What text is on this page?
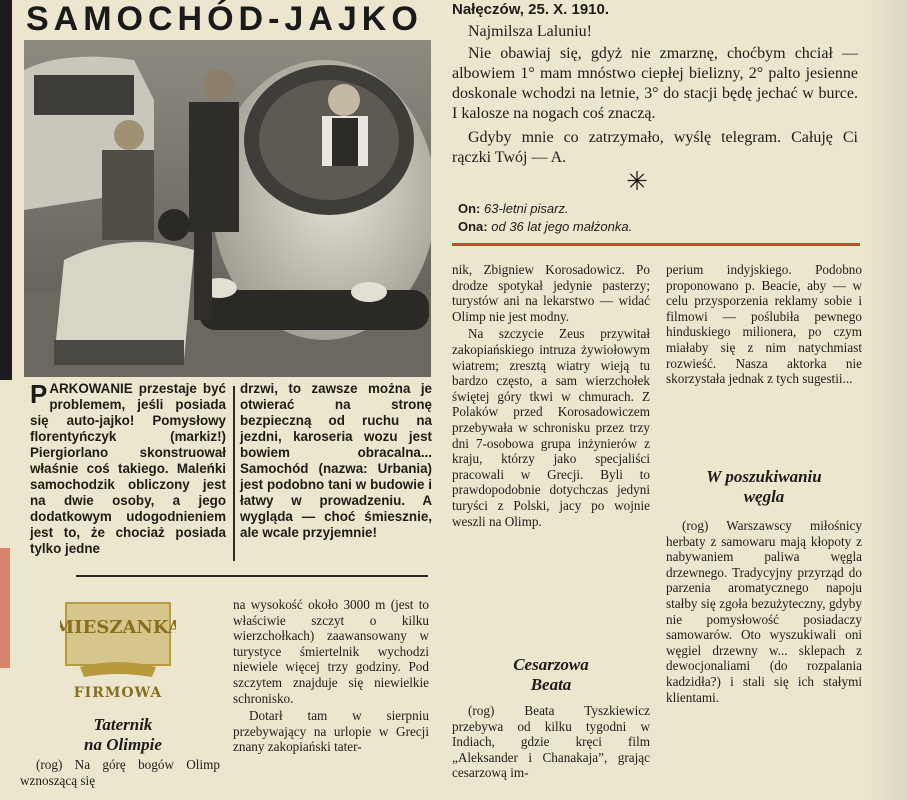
SAMOCHÓD-JAJKO

PARKOWANIE przestaje być problemem, jeśli posiada się auto-jajko! Pomysłowy florentyńczyk (markiz!) Piergiorlano skonstruował właśnie coś takiego. Maleńki samochodzik obliczony jest na dwie osoby, a jego dodatkowym udogodnieniem jest to, że chociaż posiada tylko jedne

drzwi, to zawsze można je otwierać na stronę bezpieczną od ruchu na jezdni, karoseria wozu jest bowiem obracalna... Samochód (nazwa: Urbania) jest podobno tani w budowie i łatwy w prowadzeniu. A wygląda — choć śmiesznie, ale wcale przyjemnie!

Nałęczów, 25. X. 1910.
Najmilsza Laluniu!
Nie obawiaj się, gdyż nie zmarznę, choćbym chciał — albowiem 1° mam mnóstwo ciepłej bielizny, 2° palto jesienne doskonale wchodzi na letnie, 3° do stacji będę jechać w burce. I kalosze na nogach coś znaczą.
Gdyby mnie co zatrzymało, wyślę telegram. Całuję Ci rączki Twój — A.
✳
On: 63-letni pisarz.
Ona: od 36 lat jego małżonka.
MIESZANKA
FIRMOWA
Taternik
na Olimpie

(rog) Na górę bogów Olimp wznoszącą się

na wysokość około 3000 m (jest to właściwie szczyt o kilku wierzchołkach) zaawansowany w turystyce śmiertelnik wychodzi niewiele więcej trzy godziny. Pod szczytem znajduje się niewielkie schronisko.

Dotarł tam w sierpniu przebywający na urlopie w Grecji znany zakopiański tater-

nik, Zbigniew Korosadowicz. Po drodze spotykał jedynie pasterzy; turystów ani na lekarstwo — widać Olimp nie jest modny.

Na szczycie Zeus przywitał zakopiańskiego intruza żywiołowym wiatrem; zresztą wiatry wieją tu bardzo często, a sam wierzchołek świętej góry tkwi w chmurach. Z Polaków przed Korosadowiczem przebywała w schronisku przez trzy dni 7-osobowa grupa inżynierów z kraju, którzy jako specjaliści pracowali w Grecji. Byli to prawdopodobnie dotychczas jedyni turyści z Polski, jacy po wojnie weszli na Olimp.

Cesarzowa
Beata

(rog) Beata Tyszkiewicz przebywa od kilku tygodni w Indiach, gdzie kręci film „Aleksander i Chanakaja”, grając cesarzową im-

perium indyjskiego. Podobno proponowano p. Beacie, aby — w celu przysporzenia reklamy sobie i filmowi — poślubiła pewnego hinduskiego milionera, po czym miałaby się z nim natychmiast rozwieść. Nasza aktorka nie skorzystała jednak z tych sugestii...

W poszukiwaniu
węgla

(rog) Warszawscy miłośnicy herbaty z samowaru mają kłopoty z nabywaniem paliwa węgla drzewnego. Tradycyjny przyrząd do parzenia aromatycznego napoju stałby się zgoła bezużyteczny, gdyby nie pomysłowość posiadaczy samowarów. Oto wyszukiwali oni węgiel drzewny w... sklepach z dewocjonaliami (do rozpalania kadzidła?) i stali się ich stałymi klientami.
